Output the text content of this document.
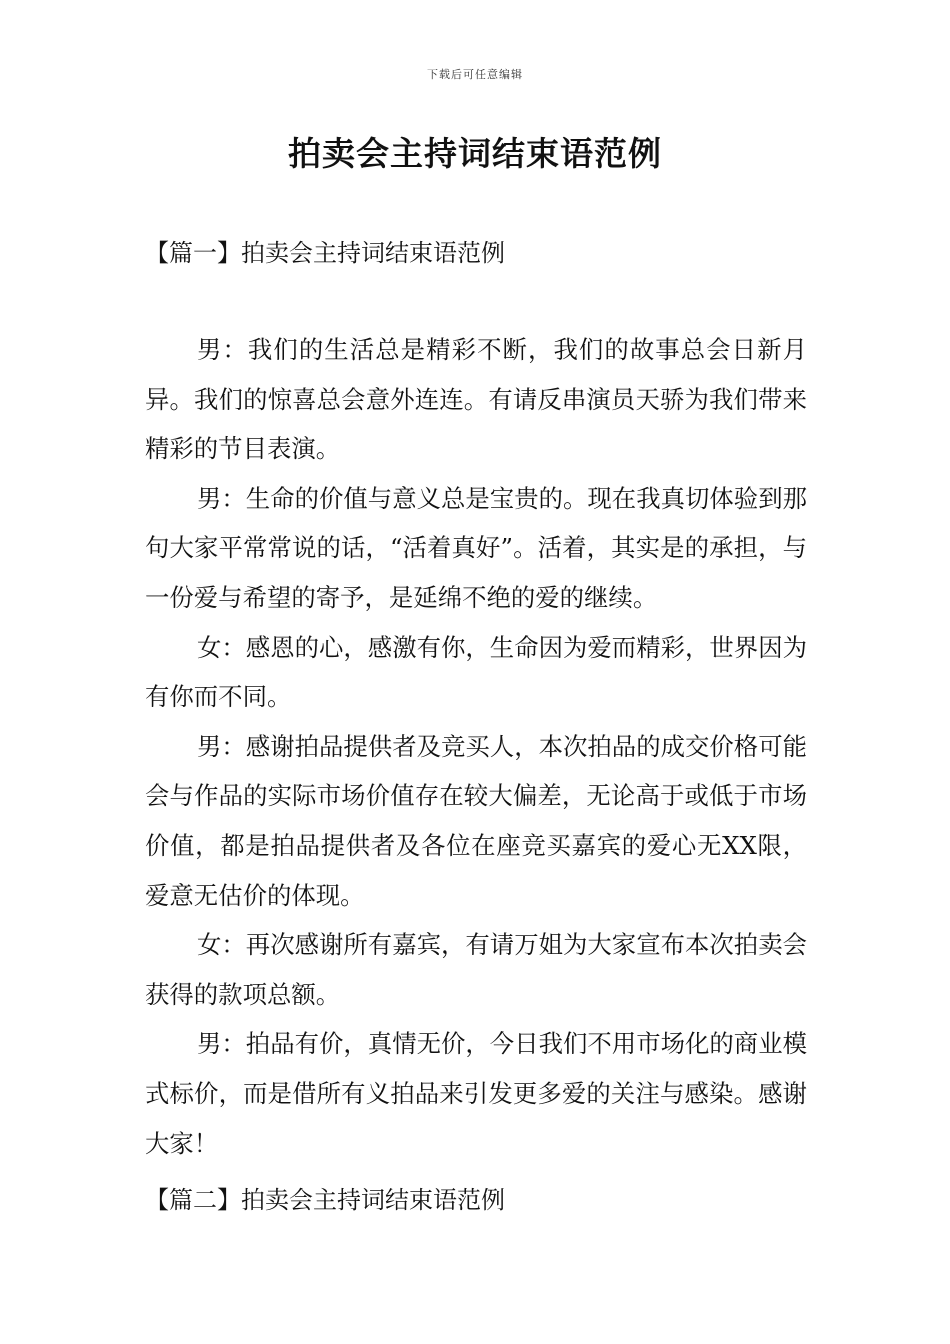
下载后可任意编辑
拍卖会主持词结束语范例
【篇一】拍卖会主持词结束语范例

男：我们的生活总是精彩不断，我们的故事总会日新月异。我们的惊喜总会意外连连。有请反串演员天骄为我们带来精彩的节目表演。

男：生命的价值与意义总是宝贵的。现在我真切体验到那句大家平常常说的话，“活着真好”。活着，其实是的承担，与一份爱与希望的寄予，是延绵不绝的爱的继续。

女：感恩的心，感激有你，生命因为爱而精彩，世界因为有你而不同。

男：感谢拍品提供者及竞买人，本次拍品的成交价格可能会与作品的实际市场价值存在较大偏差，无论高于或低于市场价值，都是拍品提供者及各位在座竞买嘉宾的爱心无XX限，爱意无估价的体现。

女：再次感谢所有嘉宾，有请万姐为大家宣布本次拍卖会获得的款项总额。

男：拍品有价，真情无价，今日我们不用市场化的商业模式标价，而是借所有义拍品来引发更多爱的关注与感染。感谢大家！

【篇二】拍卖会主持词结束语范例
